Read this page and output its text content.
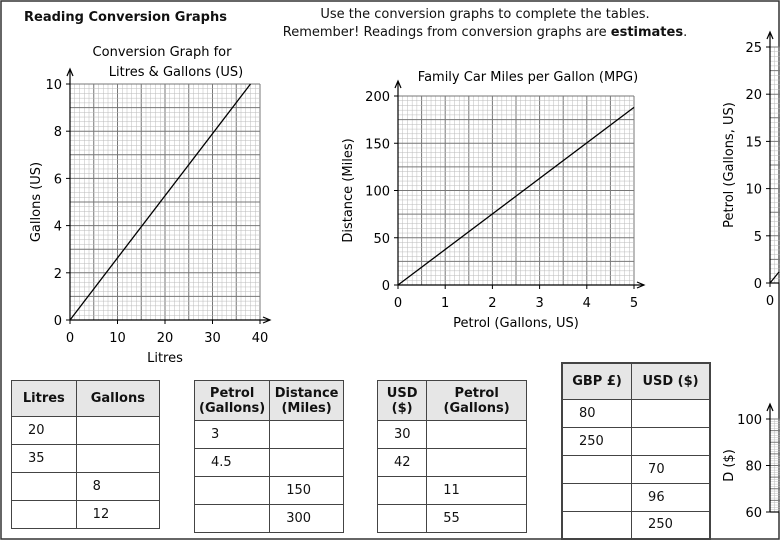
Reading Conversion Graphs	Use the conversion graphs to complete the tables.
Remember! Readings from conversion graphs are estimates.
0
2
4
6
8
10
0	10 20 30 40
Conversion Graph for
Litres & Gallons (US)
Litres
Gallons (US)
0
50
100
150
200
0	1	2	3	4	5
Family Car Miles per Gallon (MPG)
Petrol (Gallons, US)
Distance (Miles)
0
5
10
15
20
25
0
Petrol (Gallons, US)
60
80
100
D ($)
Litres	Gallons
20	
35	
	8
	12
Petrol (Gallons)	Distance (Miles)
3	
4.5	
	150
	300
USD ($)	Petrol (Gallons)
30	
42	
	11
	55
GBP £)	USD ($)
80	
250	
	70
	96
	250
